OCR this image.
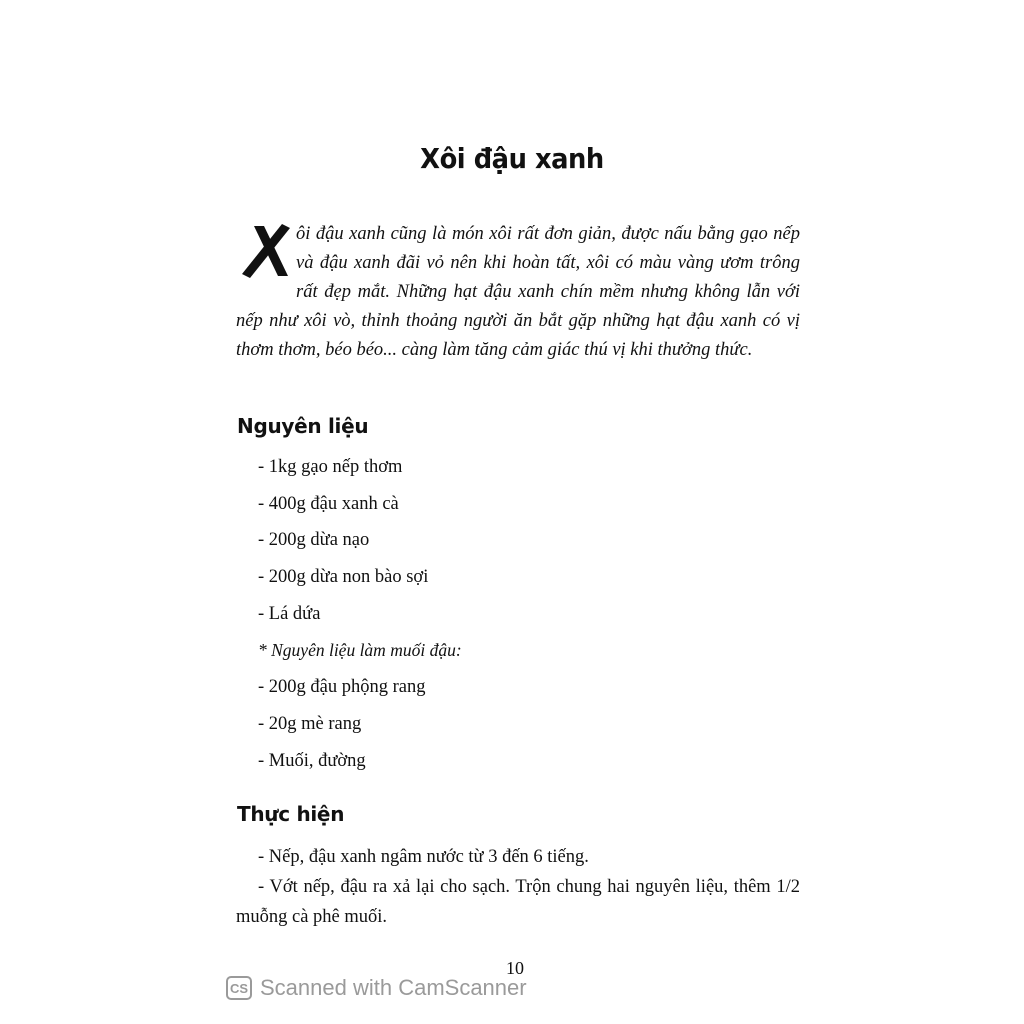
Xôi đậu xanh
ôi đậu xanh cũng là món xôi rất đơn giản, được nấu bằng gạo nếp và đậu xanh đãi vỏ nên khi hoàn tất, xôi có màu vàng ươm trông rất đẹp mắt. Những hạt đậu xanh chín mềm nhưng không lẫn với nếp như xôi vò, thỉnh thoảng người ăn bắt gặp những hạt đậu xanh có vị thơm thơm, béo béo... càng làm tăng cảm giác thú vị khi thưởng thức.
Nguyên liệu
- 1kg gạo nếp thơm
- 400g đậu xanh cà
- 200g dừa nạo
- 200g dừa non bào sợi
- Lá dứa
* Nguyên liệu làm muối đậu:
- 200g đậu phộng rang
- 20g mè rang
- Muối, đường
Thực hiện

- Nếp, đậu xanh ngâm nước từ 3 đến 6 tiếng.

- Vớt nếp, đậu ra xả lại cho sạch. Trộn chung hai nguyên liệu, thêm 1/2 muỗng cà phê muối.

10
CS Scanned with CamScanner
